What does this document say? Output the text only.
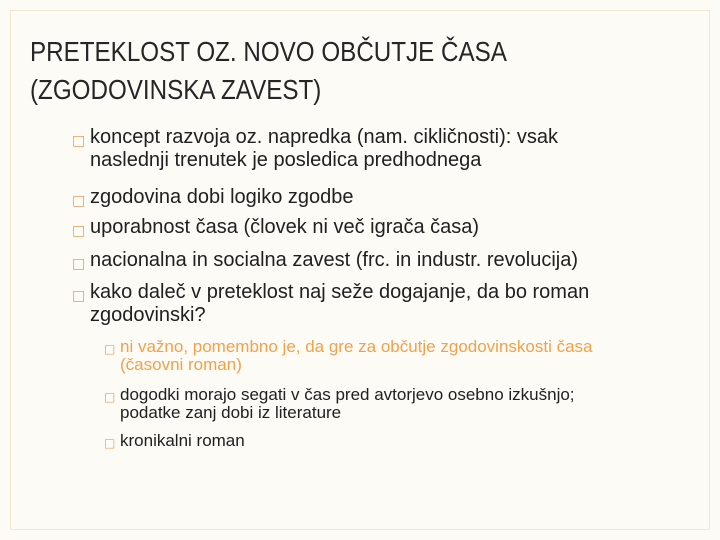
PRETEKLOST OZ. NOVO OBČUTJE ČASA
(ZGODOVINSKA ZAVEST)
□ koncept razvoja oz. napredka (nam. cikličnosti): vsak
naslednji trenutek je posledica predhodnega
□ zgodovina dobi logiko zgodbe
□ uporabnost časa (človek ni več igrača časa)
□ nacionalna in socialna zavest (frc. in industr. revolucija)
□ kako daleč v preteklost naj seže dogajanje, da bo roman
zgodovinski?
□ ni važno, pomembno je, da gre za občutje zgodovinskosti časa
(časovni roman)
□ dogodki morajo segati v čas pred avtorjevo osebno izkušnjo;
podatke zanj dobi iz literature
□ kronikalni roman
